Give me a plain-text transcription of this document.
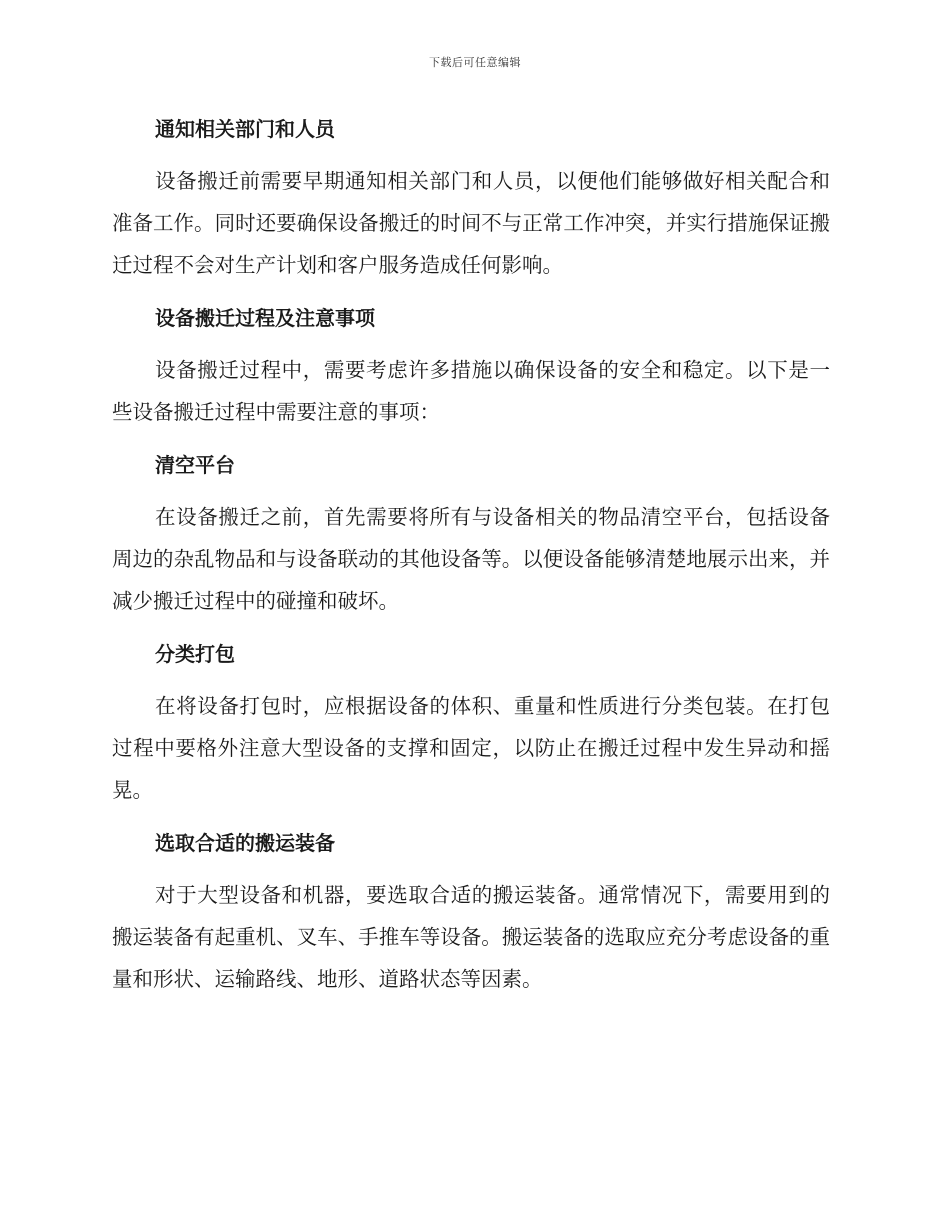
下载后可任意编辑
通知相关部门和人员

设备搬迁前需要早期通知相关部门和人员，以便他们能够做好相关配合和准备工作。同时还要确保设备搬迁的时间不与正常工作冲突，并实行措施保证搬迁过程不会对生产计划和客户服务造成任何影响。

设备搬迁过程及注意事项

设备搬迁过程中，需要考虑许多措施以确保设备的安全和稳定。以下是一些设备搬迁过程中需要注意的事项：

清空平台

在设备搬迁之前，首先需要将所有与设备相关的物品清空平台，包括设备周边的杂乱物品和与设备联动的其他设备等。以便设备能够清楚地展示出来，并减少搬迁过程中的碰撞和破坏。

分类打包

在将设备打包时，应根据设备的体积、重量和性质进行分类包装。在打包过程中要格外注意大型设备的支撑和固定，以防止在搬迁过程中发生异动和摇晃。

选取合适的搬运装备

对于大型设备和机器，要选取合适的搬运装备。通常情况下，需要用到的搬运装备有起重机、叉车、手推车等设备。搬运装备的选取应充分考虑设备的重量和形状、运输路线、地形、道路状态等因素。
